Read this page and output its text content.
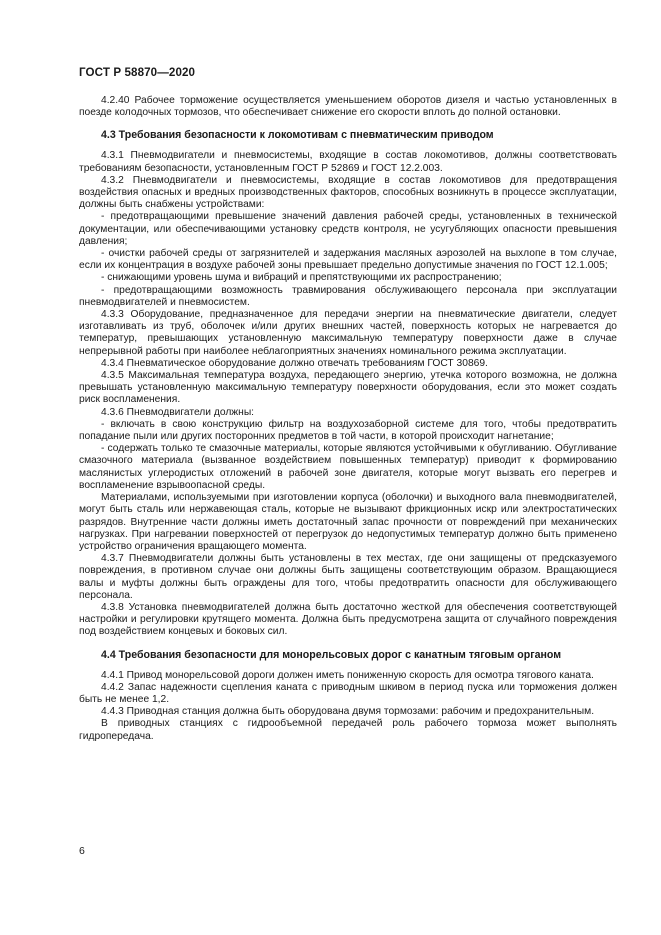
ГОСТ Р 58870—2020

4.2.40 Рабочее торможение осуществляется уменьшением оборотов дизеля и частью установленных в поезде колодочных тормозов, что обеспечивает снижение его скорости вплоть до полной остановки.

4.3 Требования безопасности к локомотивам с пневматическим приводом

4.3.1 Пневмодвигатели и пневмосистемы, входящие в состав локомотивов, должны соответствовать требованиям безопасности, установленным ГОСТ Р 52869 и ГОСТ 12.2.003.

4.3.2 Пневмодвигатели и пневмосистемы, входящие в состав локомотивов для предотвращения воздействия опасных и вредных производственных факторов, способных возникнуть в процессе эксплуатации, должны быть снабжены устройствами:

- предотвращающими превышение значений давления рабочей среды, установленных в технической документации, или обеспечивающими установку средств контроля, не усугубляющих опасности превышения давления;

- очистки рабочей среды от загрязнителей и задержания масляных аэрозолей на выхлопе в том случае, если их концентрация в воздухе рабочей зоны превышает предельно допустимые значения по ГОСТ 12.1.005;

- снижающими уровень шума и вибраций и препятствующими их распространению;

- предотвращающими возможность травмирования обслуживающего персонала при эксплуатации пневмодвигателей и пневмосистем.

4.3.3 Оборудование, предназначенное для передачи энергии на пневматические двигатели, следует изготавливать из труб, оболочек и/или других внешних частей, поверхность которых не нагревается до температур, превышающих установленную максимальную температуру поверхности даже в случае непрерывной работы при наиболее неблагоприятных значениях номинального режима эксплуатации.

4.3.4 Пневматическое оборудование должно отвечать требованиям ГОСТ 30869.

4.3.5 Максимальная температура воздуха, передающего энергию, утечка которого возможна, не должна превышать установленную максимальную температуру поверхности оборудования, если это может создать риск воспламенения.

4.3.6 Пневмодвигатели должны:

- включать в свою конструкцию фильтр на воздухозаборной системе для того, чтобы предотвратить попадание пыли или других посторонних предметов в той части, в которой происходит нагнетание;

- содержать только те смазочные материалы, которые являются устойчивыми к обугливанию. Обугливание смазочного материала (вызванное воздействием повышенных температур) приводит к формированию маслянистых углеродистых отложений в рабочей зоне двигателя, которые могут вызвать его перегрев и воспламенение взрывоопасной среды.

Материалами, используемыми при изготовлении корпуса (оболочки) и выходного вала пневмодвигателей, могут быть сталь или нержавеющая сталь, которые не вызывают фрикционных искр или электростатических разрядов. Внутренние части должны иметь достаточный запас прочности от повреждений при механических нагрузках. При нагревании поверхностей от перегрузок до недопустимых температур должно быть применено устройство ограничения вращающего момента.

4.3.7 Пневмодвигатели должны быть установлены в тех местах, где они защищены от предсказуемого повреждения, в противном случае они должны быть защищены соответствующим образом. Вращающиеся валы и муфты должны быть ограждены для того, чтобы предотвратить опасности для обслуживающего персонала.

4.3.8 Установка пневмодвигателей должна быть достаточно жесткой для обеспечения соответствующей настройки и регулировки крутящего момента. Должна быть предусмотрена защита от случайного повреждения под воздействием концевых и боковых сил.

4.4 Требования безопасности для монорельсовых дорог с канатным тяговым органом

4.4.1 Привод монорельсовой дороги должен иметь пониженную скорость для осмотра тягового каната.

4.4.2 Запас надежности сцепления каната с приводным шкивом в период пуска или торможения должен быть не менее 1,2.

4.4.3 Приводная станция должна быть оборудована двумя тормозами: рабочим и предохранительным.

В приводных станциях с гидрообъемной передачей роль рабочего тормоза может выполнять гидропередача.

6
